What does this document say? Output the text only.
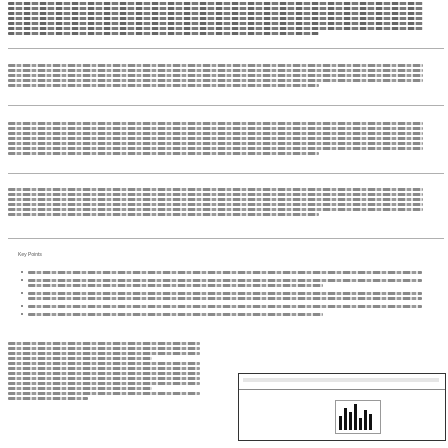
Key Points
